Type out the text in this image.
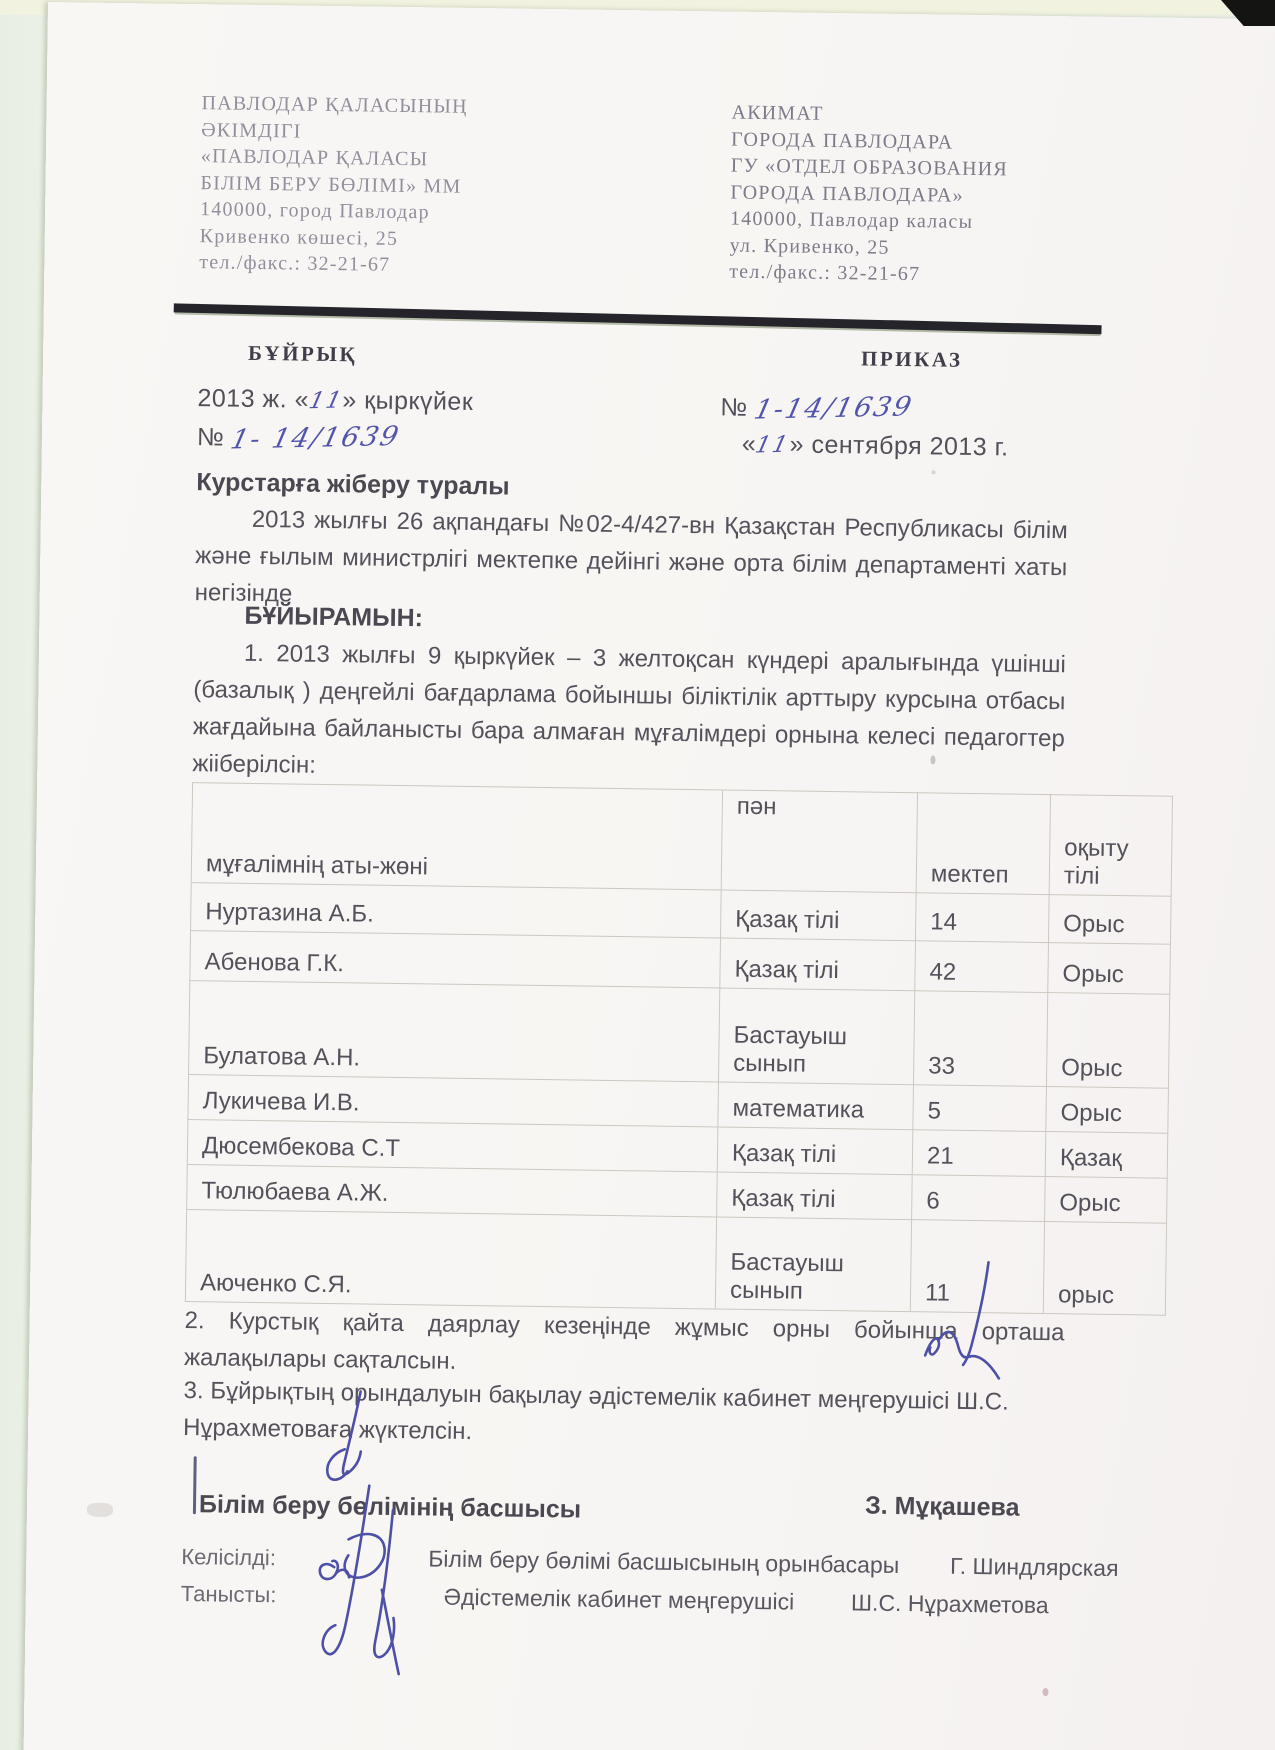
ПАВЛОДАР ҚАЛАСЫНЫҢ
ӘКІМДІГІ
«ПАВЛОДАР ҚАЛАСЫ
БІЛІМ БЕРУ БӨЛІМІ» ММ
140000, город Павлодар
Кривенко көшесі, 25
тел./факс.: 32-21-67
АКИМАТ
ГОРОДА ПАВЛОДАРА
ГУ «ОТДЕЛ ОБРАЗОВАНИЯ
ГОРОДА ПАВЛОДАРА»
140000, Павлодар каласы
ул. Кривенко, 25
тел./факс.: 32-21-67
БҰЙРЫҚ	ПРИКАЗ
2013 ж. «11» қыркүйек
№ 1- 14/1639
№ 1-14/1639
«11» сентября 2013 г.
Курстарға жіберу туралы
2013 жылғы 26 ақпандағы №02-4/427-вн Қазақстан Республикасы білім және ғылым министрлігі мектепке дейінгі және орта білім департаменті хаты негізінде
БҰЙЫРАМЫН:
1. 2013 жылғы 9 қыркүйек – 3 желтоқсан күндері аралығында үшінші (базалық ) деңгейлі бағдарлама бойыншы біліктілік арттыру курсына отбасы жағдайына байланысты бара алмаған мұғалімдері орнына келесі педагогтер жііберілсін:
мұғалімнің аты-жөні	пән	мектеп	оқыту тілі
Нуртазина А.Б.	Қазақ тілі	14	Орыс
Абенова Г.К.	Қазақ тілі	42	Орыс
Булатова А.Н.	Бастауыш сынып	33	Орыс
Лукичева И.В.	математика	5	Орыс
Дюсембекова С.Т	Қазақ тілі	21	Қазақ
Тюлюбаева А.Ж.	Қазақ тілі	6	Орыс
Аюченко С.Я.	Бастауыш сынып	11	орыс
2. Курстық қайта даярлау кезеңінде жұмыс орны бойынша орташа жалақылары сақталсын.
3. Бұйрықтың орындалуын бақылау әдістемелік кабинет меңгерушісі Ш.С. Нұрахметоваға жүктелсін.
Білім беру бөлімінің басшысы	З. Мұқашева
Келісілді:
Танысты:
Білім беру бөлімі басшысының орынбасары Г. Шиндлярская
Әдістемелік кабинет меңгерушісі Ш.С. Нұрахметова
